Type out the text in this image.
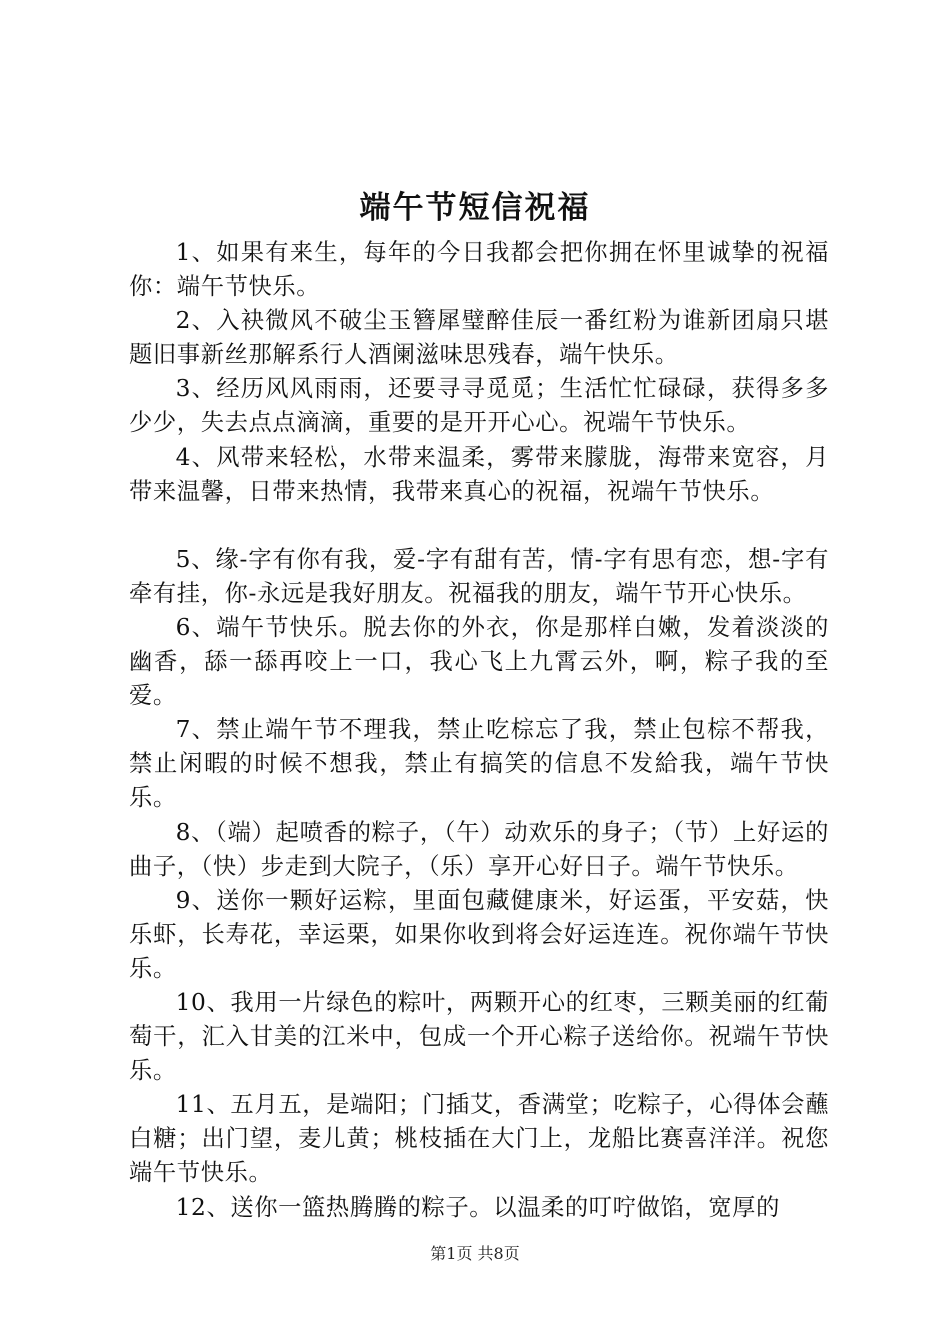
端午节短信祝福

1、如果有来生，每年的今日我都会把你拥在怀里诚挚的祝福你：端午节快乐。

2、入袂微风不破尘玉簪犀璧醉佳辰一番红粉为谁新团扇只堪题旧事新丝那解系行人酒阑滋味思残春，端午快乐。

3、经历风风雨雨，还要寻寻觅觅；生活忙忙碌碌，获得多多少少，失去点点滴滴，重要的是开开心心。祝端午节快乐。

4、风带来轻松，水带来温柔，雾带来朦胧，海带来宽容，月带来温馨，日带来热情，我带来真心的祝福，祝端午节快乐。

5、缘-字有你有我，爱-字有甜有苦，情-字有思有恋，想-字有牵有挂，你-永远是我好朋友。祝福我的朋友，端午节开心快乐。

6、端午节快乐。脱去你的外衣，你是那样白嫩，发着淡淡的幽香，舔一舔再咬上一口，我心飞上九霄云外，啊，粽子我的至爱。

7、禁止端午节不理我，禁止吃棕忘了我，禁止包棕不帮我，禁止闲暇的时候不想我，禁止有搞笑的信息不发給我，端午节快乐。

8、（端）起喷香的粽子，（午）动欢乐的身子；（节）上好运的曲子，（快）步走到大院子，（乐）享开心好日子。端午节快乐。

9、送你一颗好运粽，里面包藏健康米，好运蛋，平安菇，快乐虾，长寿花，幸运栗，如果你收到将会好运连连。祝你端午节快乐。

10、我用一片绿色的粽叶，两颗开心的红枣，三颗美丽的红葡萄干，汇入甘美的江米中，包成一个开心粽子送给你。祝端午节快乐。

11、五月五，是端阳；门插艾，香满堂；吃粽子，心得体会蘸白糖；出门望，麦儿黄；桃枝插在大门上，龙船比赛喜洋洋。祝您端午节快乐。

12、送你一篮热腾腾的粽子。以温柔的叮咛做馅，宽厚的

第1页 共8页
